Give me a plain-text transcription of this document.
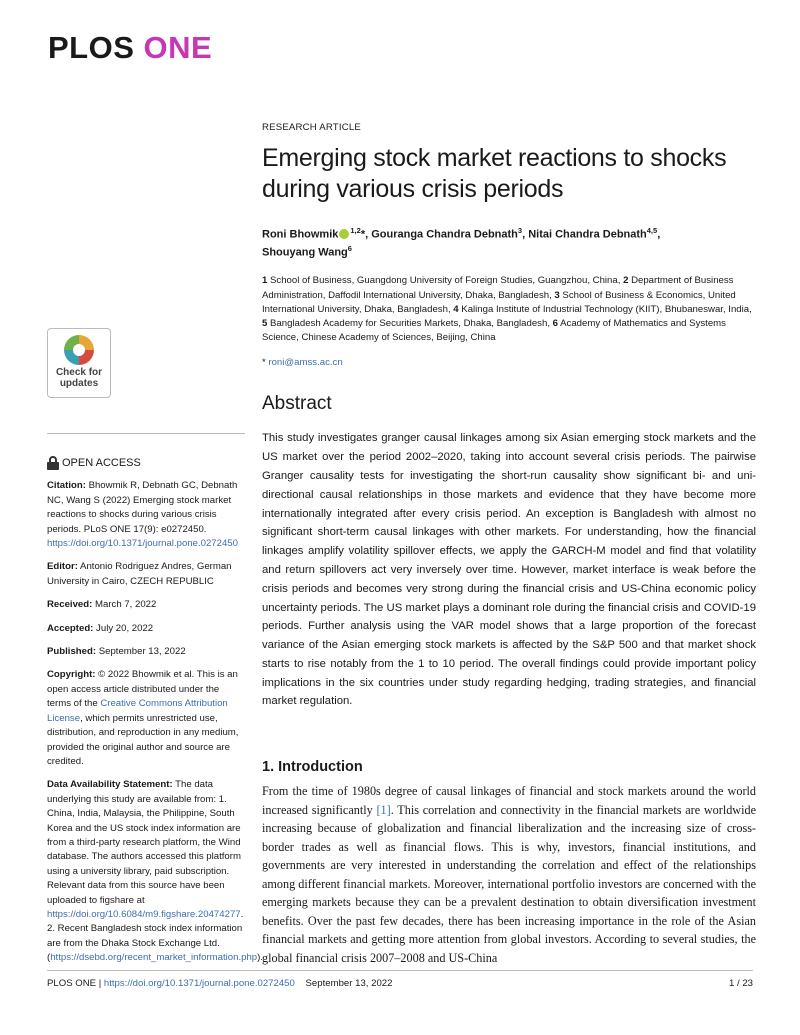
PLOS ONE
Check for
updates
OPEN ACCESS
Citation: Bhowmik R, Debnath GC, Debnath NC, Wang S (2022) Emerging stock market reactions to shocks during various crisis periods. PLoS ONE 17(9): e0272450. https://doi.org/10.1371/journal.pone.0272450
Editor: Antonio Rodriguez Andres, German University in Cairo, CZECH REPUBLIC
Received: March 7, 2022
Accepted: July 20, 2022
Published: September 13, 2022
Copyright: © 2022 Bhowmik et al. This is an open access article distributed under the terms of the Creative Commons Attribution License, which permits unrestricted use, distribution, and reproduction in any medium, provided the original author and source are credited.
Data Availability Statement: The data underlying this study are available from: 1. China, India, Malaysia, the Philippine, South Korea and the US stock index information are from a third-party research platform, the Wind database. The authors accessed this platform using a university library, paid subscription. Relevant data from this source have been uploaded to figshare at https://doi.org/10.6084/m9.figshare.20474277. 2. Recent Bangladesh stock index information are from the Dhaka Stock Exchange Ltd. (https://dsebd.org/recent_market_information.php).
RESEARCH ARTICLE
Emerging stock market reactions to shocks during various crisis periods
Roni Bhowmik $^{1,2}$*, Gouranga Chandra Debnath$^3$, Nitai Chandra Debnath$^{4,5}$,
Shouyang Wang$^6$
1 School of Business, Guangdong University of Foreign Studies, Guangzhou, China, 2 Department of Business Administration, Daffodil International University, Dhaka, Bangladesh, 3 School of Business & Economics, United International University, Dhaka, Bangladesh, 4 Kalinga Institute of Industrial Technology (KIIT), Bhubaneswar, India, 5 Bangladesh Academy for Securities Markets, Dhaka, Bangladesh, 6 Academy of Mathematics and Systems Science, Chinese Academy of Sciences, Beijing, China
* roni@amss.ac.cn
Abstract

This study investigates granger causal linkages among six Asian emerging stock markets and the US market over the period 2002–2020, taking into account several crisis periods. The pairwise Granger causality tests for investigating the short-run causality show significant bi- and uni-directional causal relationships in those markets and evidence that they have become more internationally integrated after every crisis period. An exception is Bangladesh with almost no significant short-term causal linkages with other markets. For understanding, how the financial linkages amplify volatility spillover effects, we apply the GARCH-M model and find that volatility and return spillovers act very inversely over time. However, market interface is weak before the crisis periods and becomes very strong during the financial crisis and US-China economic policy uncertainty periods. The US market plays a dominant role during the financial crisis and COVID-19 periods. Further analysis using the VAR model shows that a large proportion of the forecast variance of the Asian emerging stock markets is affected by the S&P 500 and that market shock starts to rise notably from the 1 to 10 period. The overall findings could provide important policy implications in the six countries under study regarding hedging, trading strategies, and financial market regulation.

1. Introduction

From the time of 1980s degree of causal linkages of financial and stock markets around the world increased significantly [1]. This correlation and connectivity in the financial markets are worldwide increasing because of globalization and financial liberalization and the increasing size of cross-border trades as well as financial flows. This is why, investors, financial institutions, and governments are very interested in understanding the correlation and effect of the relationships among different financial markets. Moreover, international portfolio investors are concerned with the emerging markets because they can be a prevalent destination to obtain diversification investment benefits. Over the past few decades, there has been increasing importance in the role of the Asian financial markets and getting more attention from global investors. According to several studies, the global financial crisis 2007–2008 and US-China

PLOS ONE | https://doi.org/10.1371/journal.pone.0272450 September 13, 2022	1 / 23
